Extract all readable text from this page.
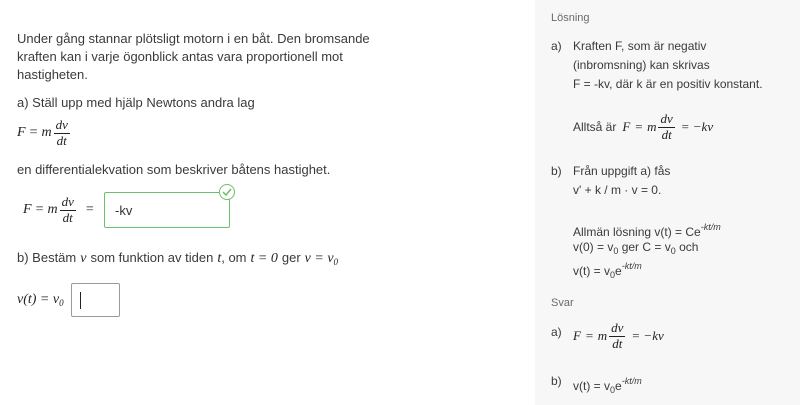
Under gång stannar plötsligt motorn i en båt. Den bromsande
kraften kan i varje ögonblick antas vara proportionell mot
hastigheten.
a) Ställ upp med hjälp Newtons andra lag
F = m $\frac{dv}{dt}$
en differentialekvation som beskriver båtens hastighet.
F = m $\frac{dv}{dt} = -kv$
b) Bestäm v som funktion av tiden t , om t = 0 ger $v = v_0$
$v(t) = v_0$
Lösning
a) Kraften F, som är negativ
(inbromsning) kan skrivas
F = -kv, där k är en positiv konstant.
Alltså är F = m $\frac{dv}{dt} = -kv$
b) Från uppgift a) fås
v' + k / m · v = 0.
Allmän lösning $v(t) = Ce^{-kt/m}$
$v(0) = v_0$ ger $C = v_0$ och
$v(t) = v_0e^{-kt/m}$
Svar
a) F = m $\frac{dv}{dt} = -kv$
b) $v(t) = v_0e^{-kt/m}$
